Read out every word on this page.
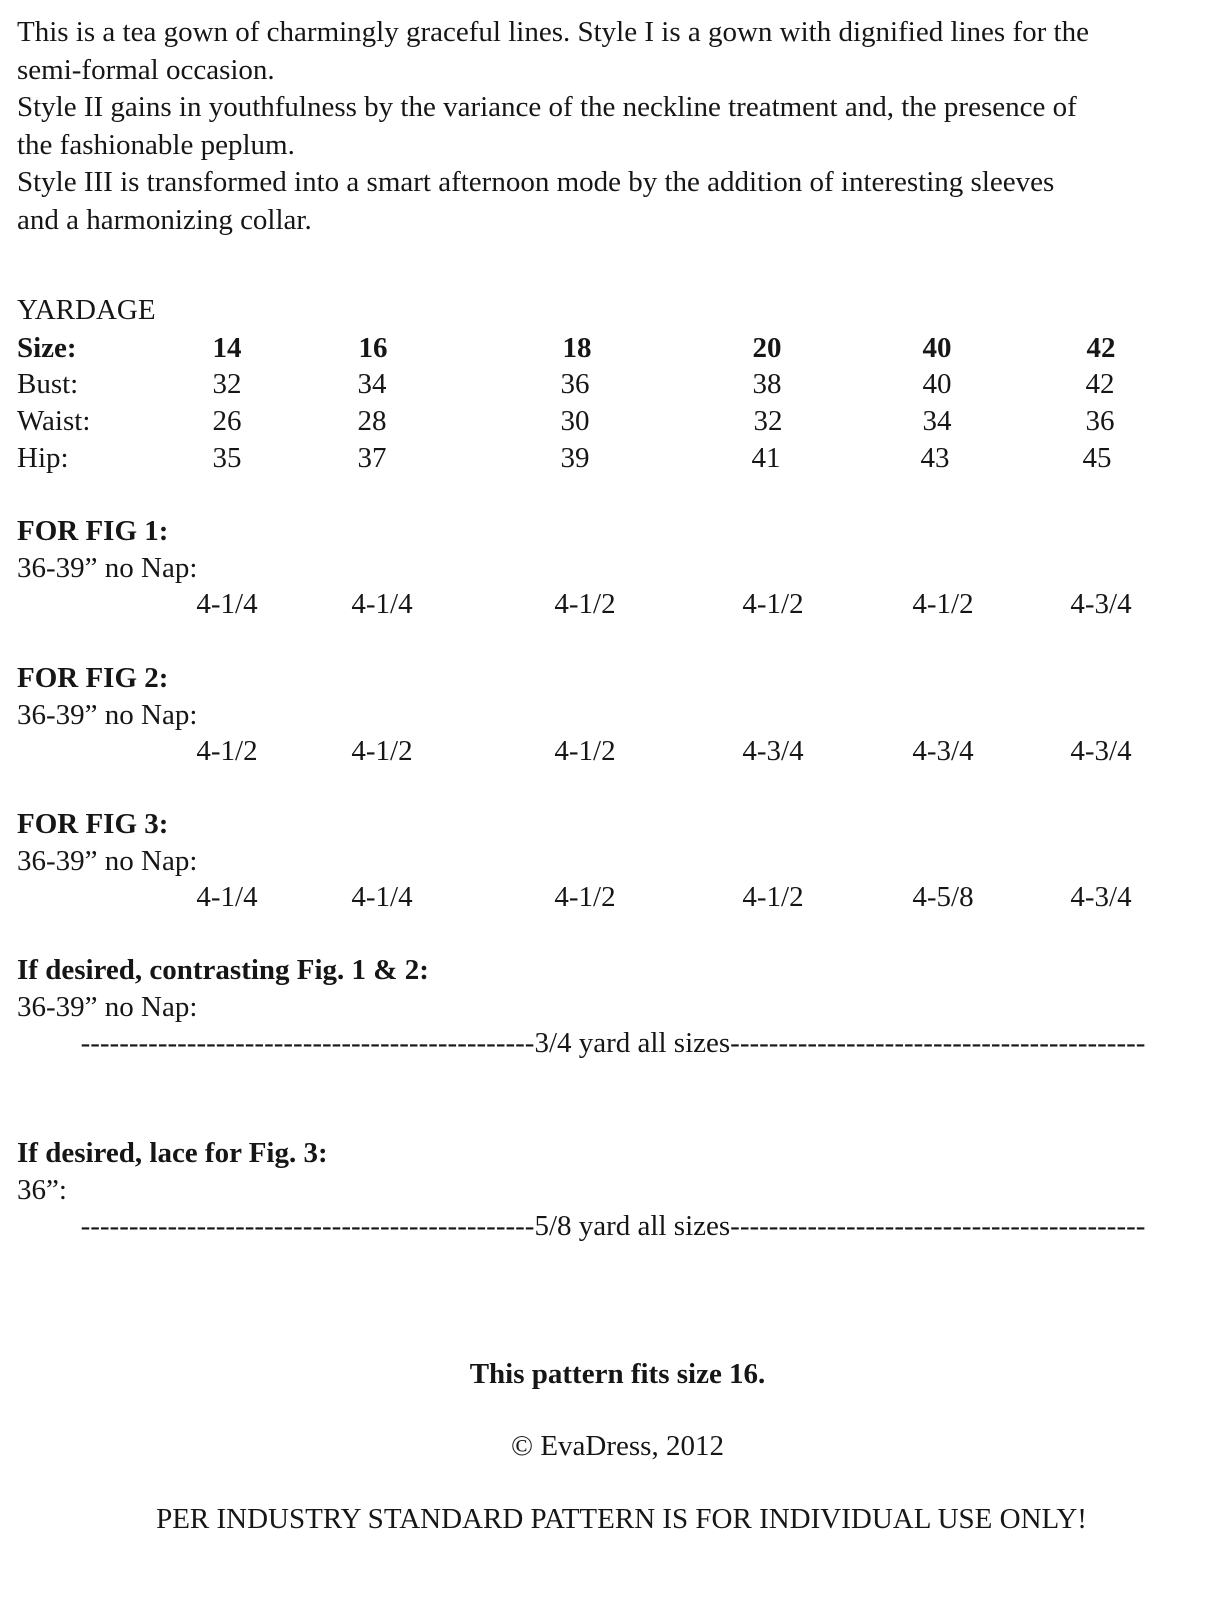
This is a tea gown of charmingly graceful lines. Style I is a gown with dignified lines for the

semi-formal occasion.

Style II gains in youthfulness by the variance of the neckline treatment and, the presence of

the fashionable peplum.

Style III is transformed into a smart afternoon mode by the addition of interesting sleeves

and a harmonizing collar.

YARDAGE
Size:	14	16	18	20	40	42
Bust:	32	34	36	38	40	42
Waist:	26	28	30	32	34	36
Hip:	35	37	39	41	43	45
FOR FIG 1:
36-39” no Nap:
4-1/4	4-1/4	4-1/2	4-1/2	4-1/2	4-3/4
FOR FIG 2:
36-39” no Nap:
4-1/2	4-1/2	4-1/2	4-3/4	4-3/4	4-3/4
FOR FIG 3:
36-39” no Nap:
4-1/4	4-1/4	4-1/2	4-1/2	4-5/8	4-3/4
If desired, contrasting Fig. 1 & 2:
36-39” no Nap:
-----------------------------------------------3/4 yard all sizes-------------------------------------------
If desired, lace for Fig. 3:
36”:
-----------------------------------------------5/8 yard all sizes-------------------------------------------
This pattern fits size 16.
© EvaDress, 2012
PER INDUSTRY STANDARD PATTERN IS FOR INDIVIDUAL USE ONLY!
